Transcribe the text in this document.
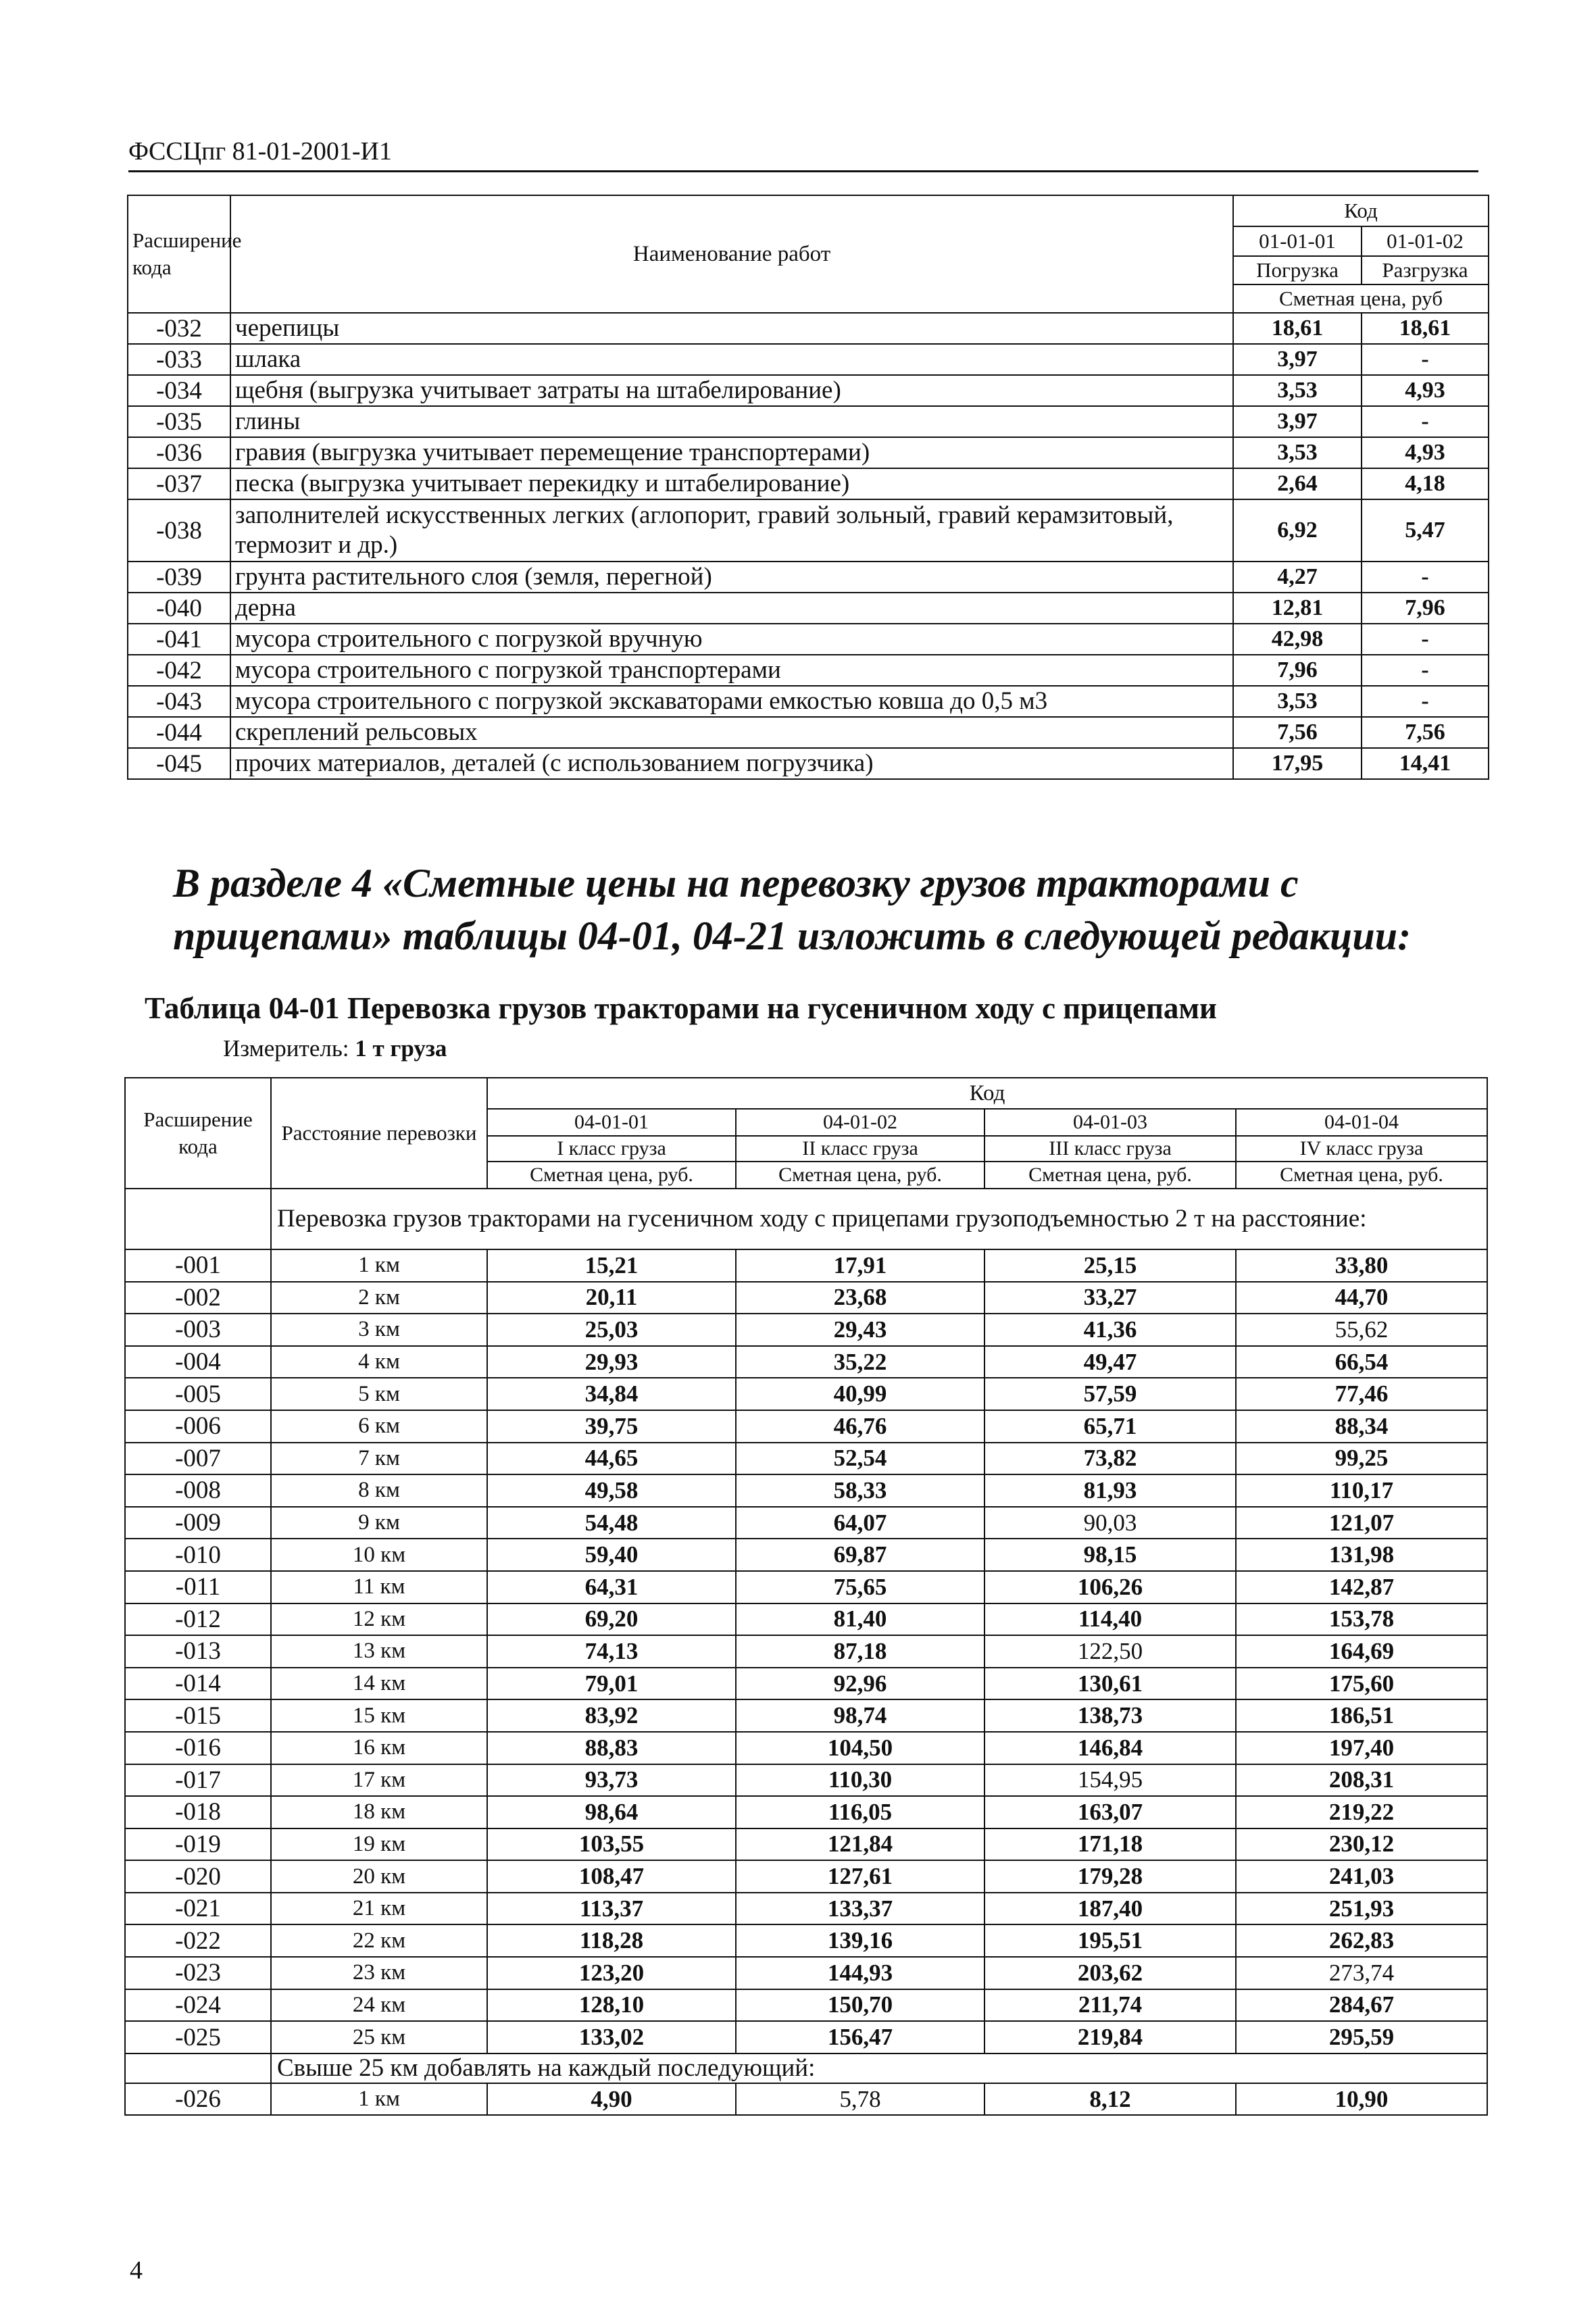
ФССЦпг 81-01-2001-И1
Расширение кода	Наименование работ	Код	
		01-01-01	01-01-02
		Погрузка	Разгрузка
		Сметная цена, руб	
-032	черепицы	18,61	18,61
-033	шлака	3,97	-
-034	щебня (выгрузка учитывает затраты на штабелирование)	3,53	4,93
-035	глины	3,97	-
-036	гравия (выгрузка учитывает перемещение транспортерами)	3,53	4,93
-037	песка (выгрузка учитывает перекидку и штабелирование)	2,64	4,18
-038	заполнителей искусственных легких (аглопорит, гравий зольный, гравий керамзитовый, термозит и др.)	6,92	5,47
-039	грунта растительного слоя (земля, перегной)	4,27	-
-040	дерна	12,81	7,96
-041	мусора строительного с погрузкой вручную	42,98	-
-042	мусора строительного с погрузкой транспортерами	7,96	-
-043	мусора строительного с погрузкой экскаваторами емкостью ковша до 0,5 м3	3,53	-
-044	скреплений рельсовых	7,56	7,56
-045	прочих материалов, деталей (с использованием погрузчика)	17,95	14,41
В разделе 4 «Сметные цены на перевозку грузов тракторами с прицепами» таблицы 04-01, 04-21 изложить в следующей редакции:
Таблица 04-01 Перевозка грузов тракторами на гусеничном ходу с прицепами
Измеритель: 1 т груза
Расширение кода	Расстояние перевозки	Код			
		04-01-01	04-01-02	04-01-03	04-01-04
		I класс груза	II класс груза	III класс груза	IV класс груза
		Сметная цена, руб.	Сметная цена, руб.	Сметная цена, руб.	Сметная цена, руб.
	Перевозка грузов тракторами на гусеничном ходу с прицепами грузоподъемностью 2 т на расстояние:				
-001	1 км	15,21	17,91	25,15	33,80
-002	2 км	20,11	23,68	33,27	44,70
-003	3 км	25,03	29,43	41,36	55,62
-004	4 км	29,93	35,22	49,47	66,54
-005	5 км	34,84	40,99	57,59	77,46
-006	6 км	39,75	46,76	65,71	88,34
-007	7 км	44,65	52,54	73,82	99,25
-008	8 км	49,58	58,33	81,93	110,17
-009	9 км	54,48	64,07	90,03	121,07
-010	10 км	59,40	69,87	98,15	131,98
-011	11 км	64,31	75,65	106,26	142,87
-012	12 км	69,20	81,40	114,40	153,78
-013	13 км	74,13	87,18	122,50	164,69
-014	14 км	79,01	92,96	130,61	175,60
-015	15 км	83,92	98,74	138,73	186,51
-016	16 км	88,83	104,50	146,84	197,40
-017	17 км	93,73	110,30	154,95	208,31
-018	18 км	98,64	116,05	163,07	219,22
-019	19 км	103,55	121,84	171,18	230,12
-020	20 км	108,47	127,61	179,28	241,03
-021	21 км	113,37	133,37	187,40	251,93
-022	22 км	118,28	139,16	195,51	262,83
-023	23 км	123,20	144,93	203,62	273,74
-024	24 км	128,10	150,70	211,74	284,67
-025	25 км	133,02	156,47	219,84	295,59
	Свыше 25 км добавлять на каждый последующий:				
-026	1 км	4,90	5,78	8,12	10,90
4
